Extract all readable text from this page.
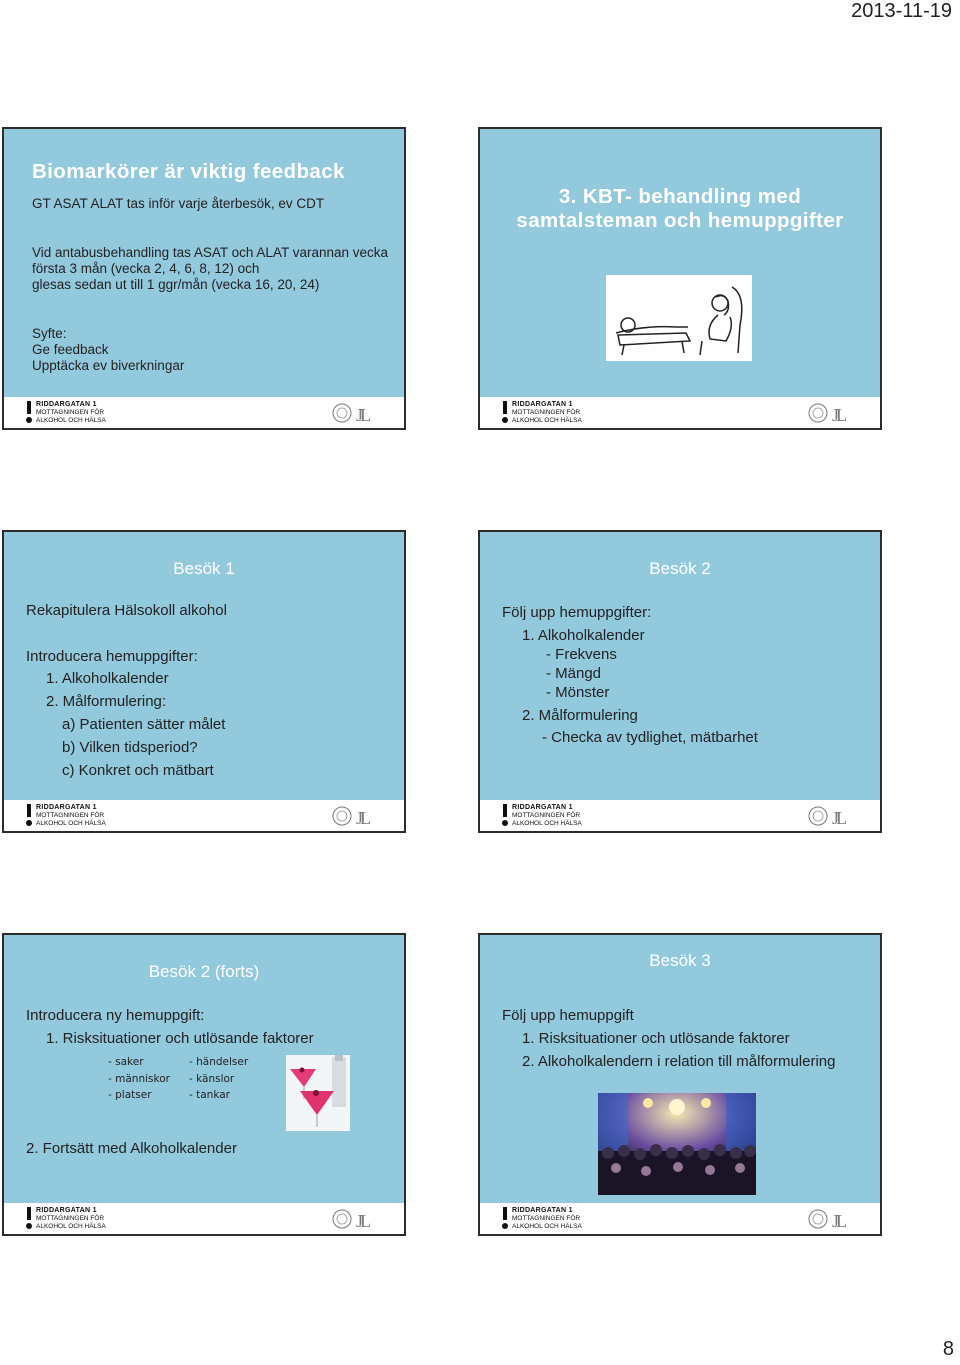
2013-11-19
Biomarkörer är viktig feedback
GT ASAT ALAT tas inför varje återbesök, ev CDT
Vid antabusbehandling tas ASAT och ALAT varannan vecka
första 3 mån (vecka 2, 4, 6, 8, 12) och
glesas sedan ut till 1 ggr/mån (vecka 16, 20, 24)
Syfte:
Ge feedback
Upptäcka ev biverkningar
RIDDARGATAN 1
MOTTAGNINGEN FÖR
ALKOHOL OCH HÄLSA	JL
3. KBT- behandling med
samtalsteman och hemuppgifter
RIDDARGATAN 1
MOTTAGNINGEN FÖR
ALKOHOL OCH HÄLSA	JL
Besök 1
Rekapitulera Hälsokoll alkohol
Introducera hemuppgifter:
1. Alkoholkalender
2. Målformulering:
a) Patienten sätter målet
b) Vilken tidsperiod?
c) Konkret och mätbart
RIDDARGATAN 1
MOTTAGNINGEN FÖR
ALKOHOL OCH HÄLSA	JL
Besök 2
Följ upp hemuppgifter:
1. Alkoholkalender
- Frekvens
- Mängd
- Mönster
2. Målformulering
- Checka av tydlighet, mätbarhet
RIDDARGATAN 1
MOTTAGNINGEN FÖR
ALKOHOL OCH HÄLSA	JL
Besök 2 (forts)
Introducera ny hemuppgift:
1. Risksituationer och utlösande faktorer
- saker
- människor
- platser
- händelser
- känslor
- tankar
2. Fortsätt med Alkoholkalender
RIDDARGATAN 1
MOTTAGNINGEN FÖR
ALKOHOL OCH HÄLSA	JL
Besök 3
Följ upp hemuppgift
1. Risksituationer och utlösande faktorer
2. Alkoholkalendern i relation till målformulering
RIDDARGATAN 1
MOTTAGNINGEN FÖR
ALKOHOL OCH HÄLSA	JL
8
